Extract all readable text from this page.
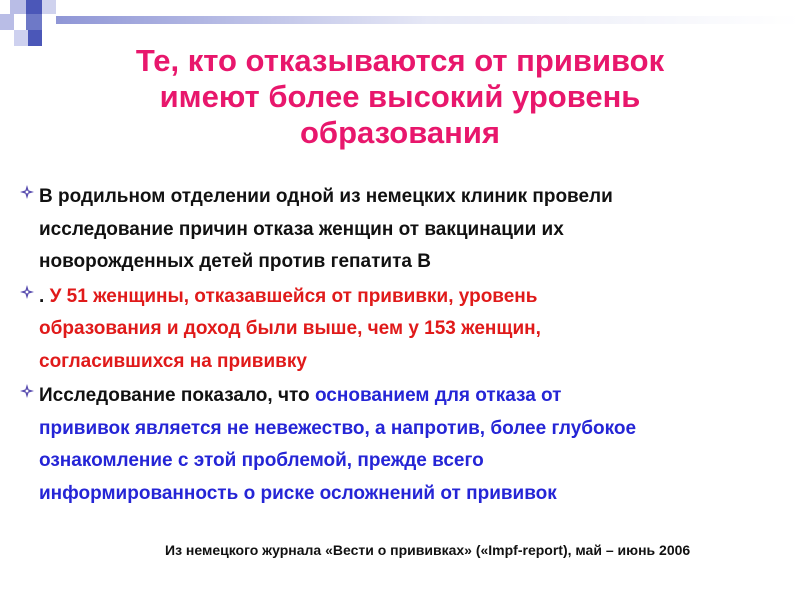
Те, кто отказываются от прививок
имеют более высокий уровень
образования
В родильном отделении одной из немецких клиник провели
исследование причин отказа женщин от вакцинации их
новорожденных детей против гепатита В
. У 51 женщины, отказавшейся от прививки, уровень
образования и доход были выше, чем у 153 женщин,
согласившихся на прививку
Исследование показало, что основанием для отказа от
прививок является не невежество, а напротив, более глубокое
ознакомление с этой проблемой, прежде всего
информированность о риске осложнений от прививок
Из немецкого журнала «Вести о прививках» («Impf-report), май – июнь 2006
